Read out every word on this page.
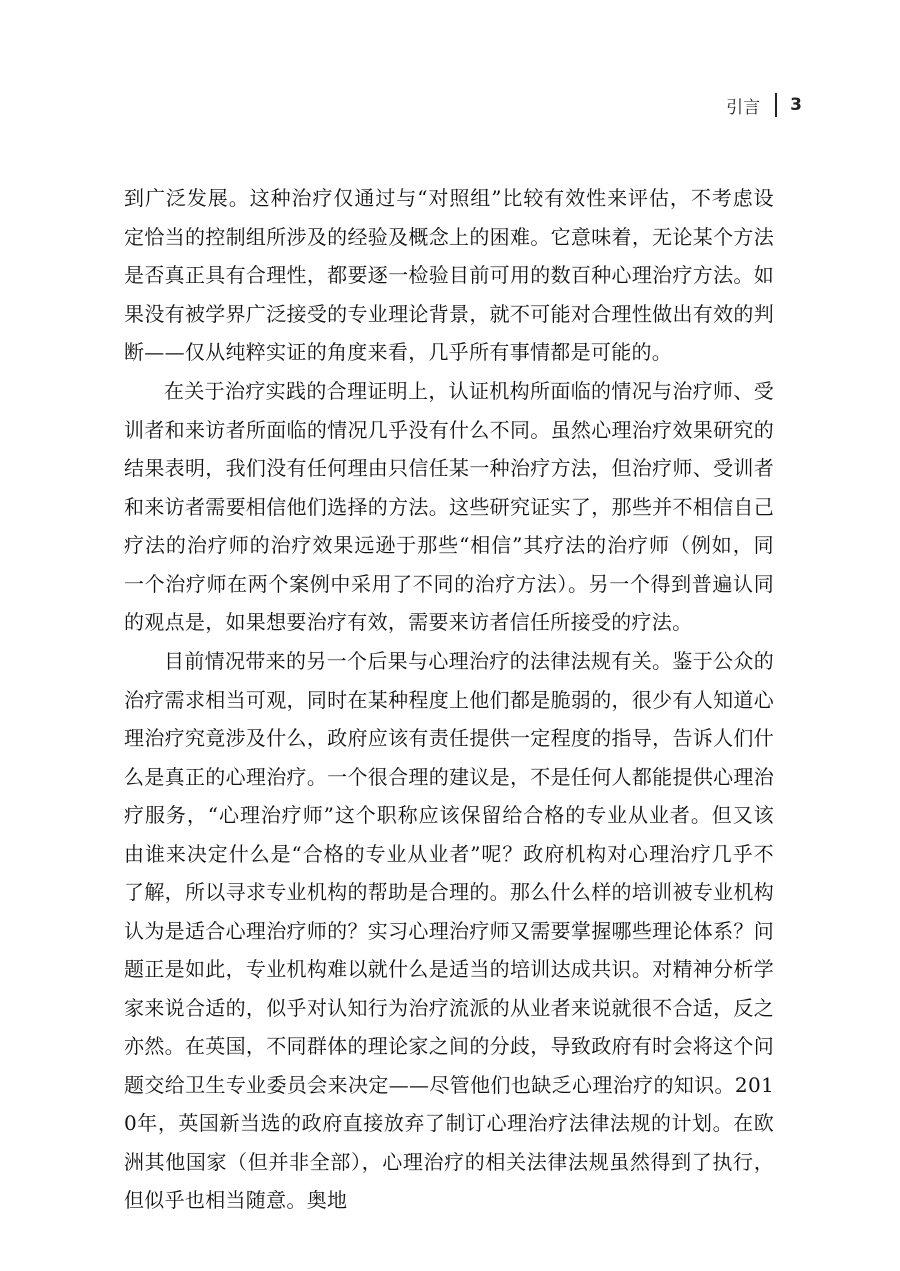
引言 3

到广泛发展。这种治疗仅通过与“对照组”比较有效性来评估，不考虑设定恰当的控制组所涉及的经验及概念上的困难。它意味着，无论某个方法是否真正具有合理性，都要逐一检验目前可用的数百种心理治疗方法。如果没有被学界广泛接受的专业理论背景，就不可能对合理性做出有效的判断——仅从纯粹实证的角度来看，几乎所有事情都是可能的。

在关于治疗实践的合理证明上，认证机构所面临的情况与治疗师、受训者和来访者所面临的情况几乎没有什么不同。虽然心理治疗效果研究的结果表明，我们没有任何理由只信任某一种治疗方法，但治疗师、受训者和来访者需要相信他们选择的方法。这些研究证实了，那些并不相信自己疗法的治疗师的治疗效果远逊于那些“相信”其疗法的治疗师（例如，同一个治疗师在两个案例中采用了不同的治疗方法）。另一个得到普遍认同的观点是，如果想要治疗有效，需要来访者信任所接受的疗法。

目前情况带来的另一个后果与心理治疗的法律法规有关。鉴于公众的治疗需求相当可观，同时在某种程度上他们都是脆弱的，很少有人知道心理治疗究竟涉及什么，政府应该有责任提供一定程度的指导，告诉人们什么是真正的心理治疗。一个很合理的建议是，不是任何人都能提供心理治疗服务，“心理治疗师”这个职称应该保留给合格的专业从业者。但又该由谁来决定什么是“合格的专业从业者”呢？政府机构对心理治疗几乎不了解，所以寻求专业机构的帮助是合理的。那么什么样的培训被专业机构认为是适合心理治疗师的？实习心理治疗师又需要掌握哪些理论体系？问题正是如此，专业机构难以就什么是适当的培训达成共识。对精神分析学家来说合适的，似乎对认知行为治疗流派的从业者来说就很不合适，反之亦然。在英国，不同群体的理论家之间的分歧，导致政府有时会将这个问题交给卫生专业委员会来决定——尽管他们也缺乏心理治疗的知识。2010年，英国新当选的政府直接放弃了制订心理治疗法律法规的计划。在欧洲其他国家（但并非全部），心理治疗的相关法律法规虽然得到了执行，但似乎也相当随意。奥地
